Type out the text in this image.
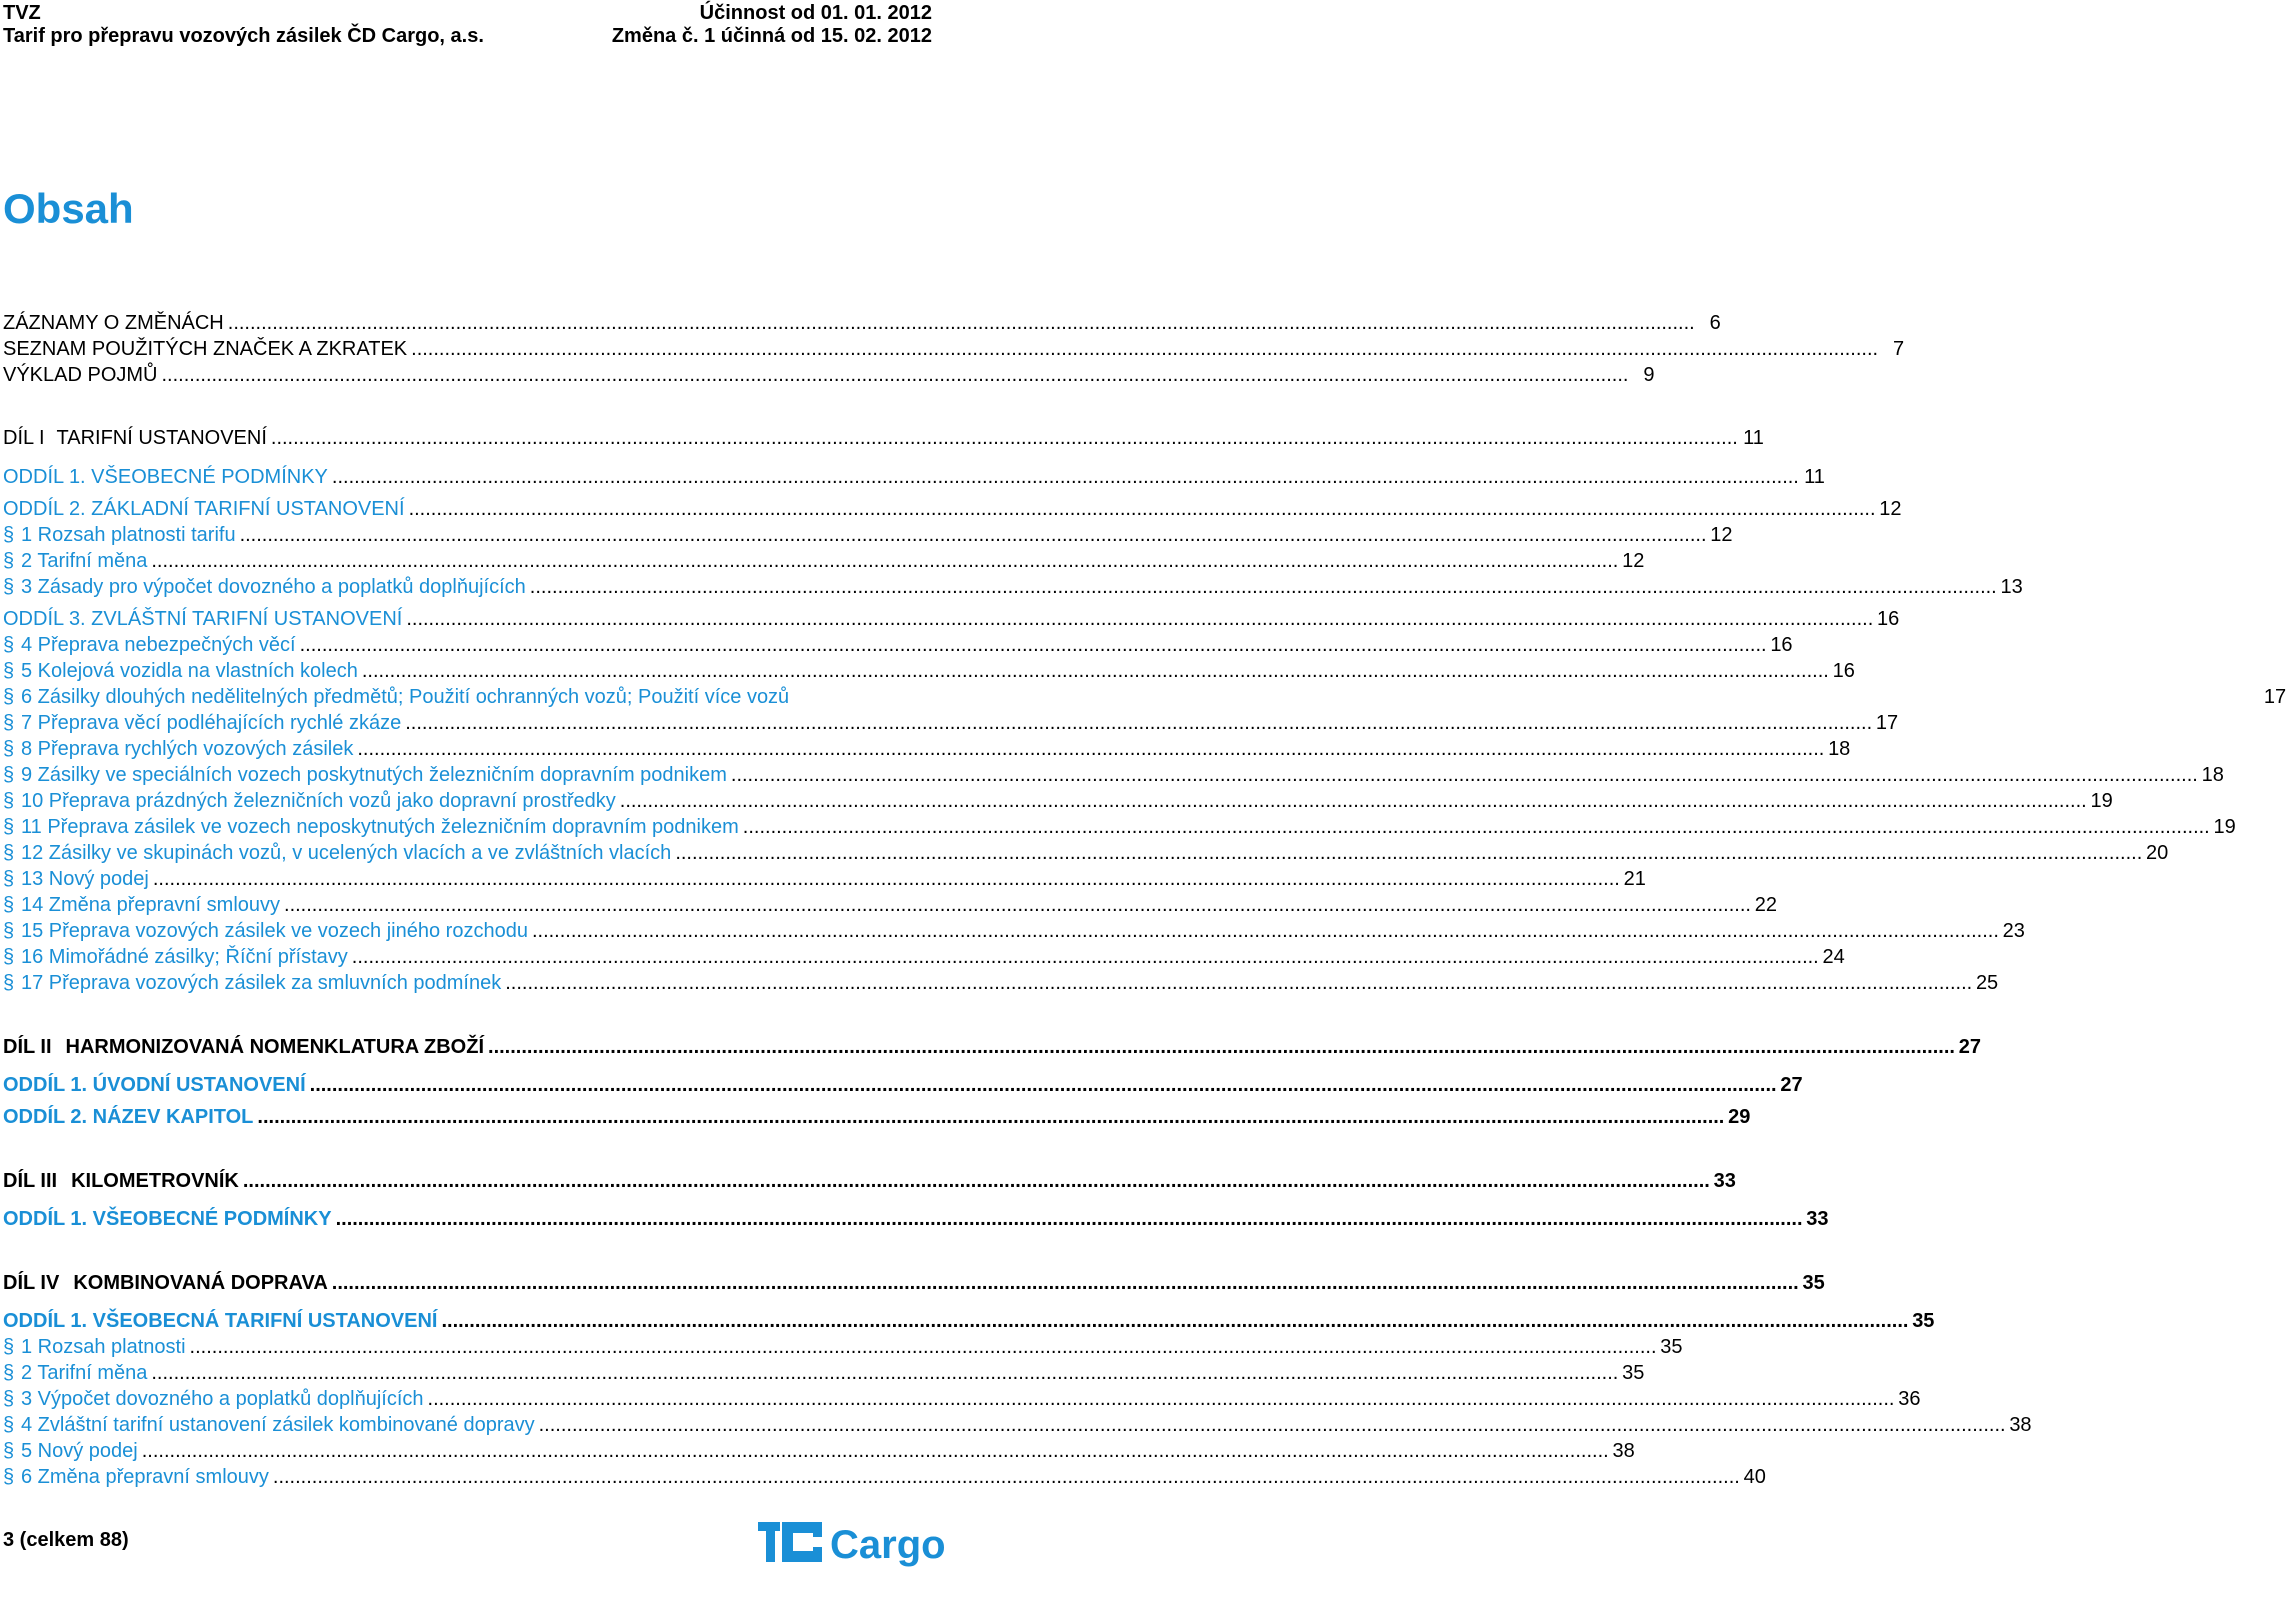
TVZ	Účinnost od 01. 01. 2012
Tarif pro přepravu vozových zásilek ČD Cargo, a.s.	Změna č. 1 účinná od 15. 02. 2012
Obsah
ZÁZNAMY O ZMĚNÁCH .....	6
SEZNAM POUŽITÝCH ZNAČEK A ZKRATEK .....	7
VÝKLAD POJMŮ .....	9
DÍL I TARIFNÍ USTANOVENÍ .....	11
ODDÍL 1. VŠEOBECNÉ PODMÍNKY .....	11
ODDÍL 2. ZÁKLADNÍ TARIFNÍ USTANOVENÍ .....	12
§ 1 Rozsah platnosti tarifu .....	12
§ 2 Tarifní měna .....	12
§ 3 Zásady pro výpočet dovozného a poplatků doplňujících .....	13
ODDÍL 3. ZVLÁŠTNÍ TARIFNÍ USTANOVENÍ .....	16
§ 4 Přeprava nebezpečných věcí .....	16
§ 5 Kolejová vozidla na vlastních kolech .....	16
§ 6 Zásilky dlouhých nedělitelných předmětů; Použití ochranných vozů; Použití více vozů	17
§ 7 Přeprava věcí podléhajících rychlé zkáze .....	17
§ 8 Přeprava rychlých vozových zásilek .....	18
§ 9 Zásilky ve speciálních vozech poskytnutých železničním dopravním podnikem .....	18
§ 10 Přeprava prázdných železničních vozů jako dopravní prostředky .....	19
§ 11 Přeprava zásilek ve vozech neposkytnutých železničním dopravním podnikem .....	19
§ 12 Zásilky ve skupinách vozů, v ucelených vlacích a ve zvláštních vlacích .....	20
§ 13 Nový podej .....	21
§ 14 Změna přepravní smlouvy .....	22
§ 15 Přeprava vozových zásilek ve vozech jiného rozchodu .....	23
§ 16 Mimořádné zásilky; Říční přístavy .....	24
§ 17 Přeprava vozových zásilek za smluvních podmínek .....	25
DÍL II HARMONIZOVANÁ NOMENKLATURA ZBOŽÍ .....	27
ODDÍL 1. ÚVODNÍ USTANOVENÍ .....	27
ODDÍL 2. NÁZEV KAPITOL .....	29
DÍL III KILOMETROVNÍK .....	33
ODDÍL 1. VŠEOBECNÉ PODMÍNKY .....	33
DÍL IV KOMBINOVANÁ DOPRAVA .....	35
ODDÍL 1. VŠEOBECNÁ TARIFNÍ USTANOVENÍ .....	35
§ 1 Rozsah platnosti .....	35
§ 2 Tarifní měna .....	35
§ 3 Výpočet dovozného a poplatků doplňujících .....	36
§ 4 Zvláštní tarifní ustanovení zásilek kombinované dopravy .....	38
§ 5 Nový podej .....	38
§ 6 Změna přepravní smlouvy .....	40
3 (celkem 88)	Cargo
